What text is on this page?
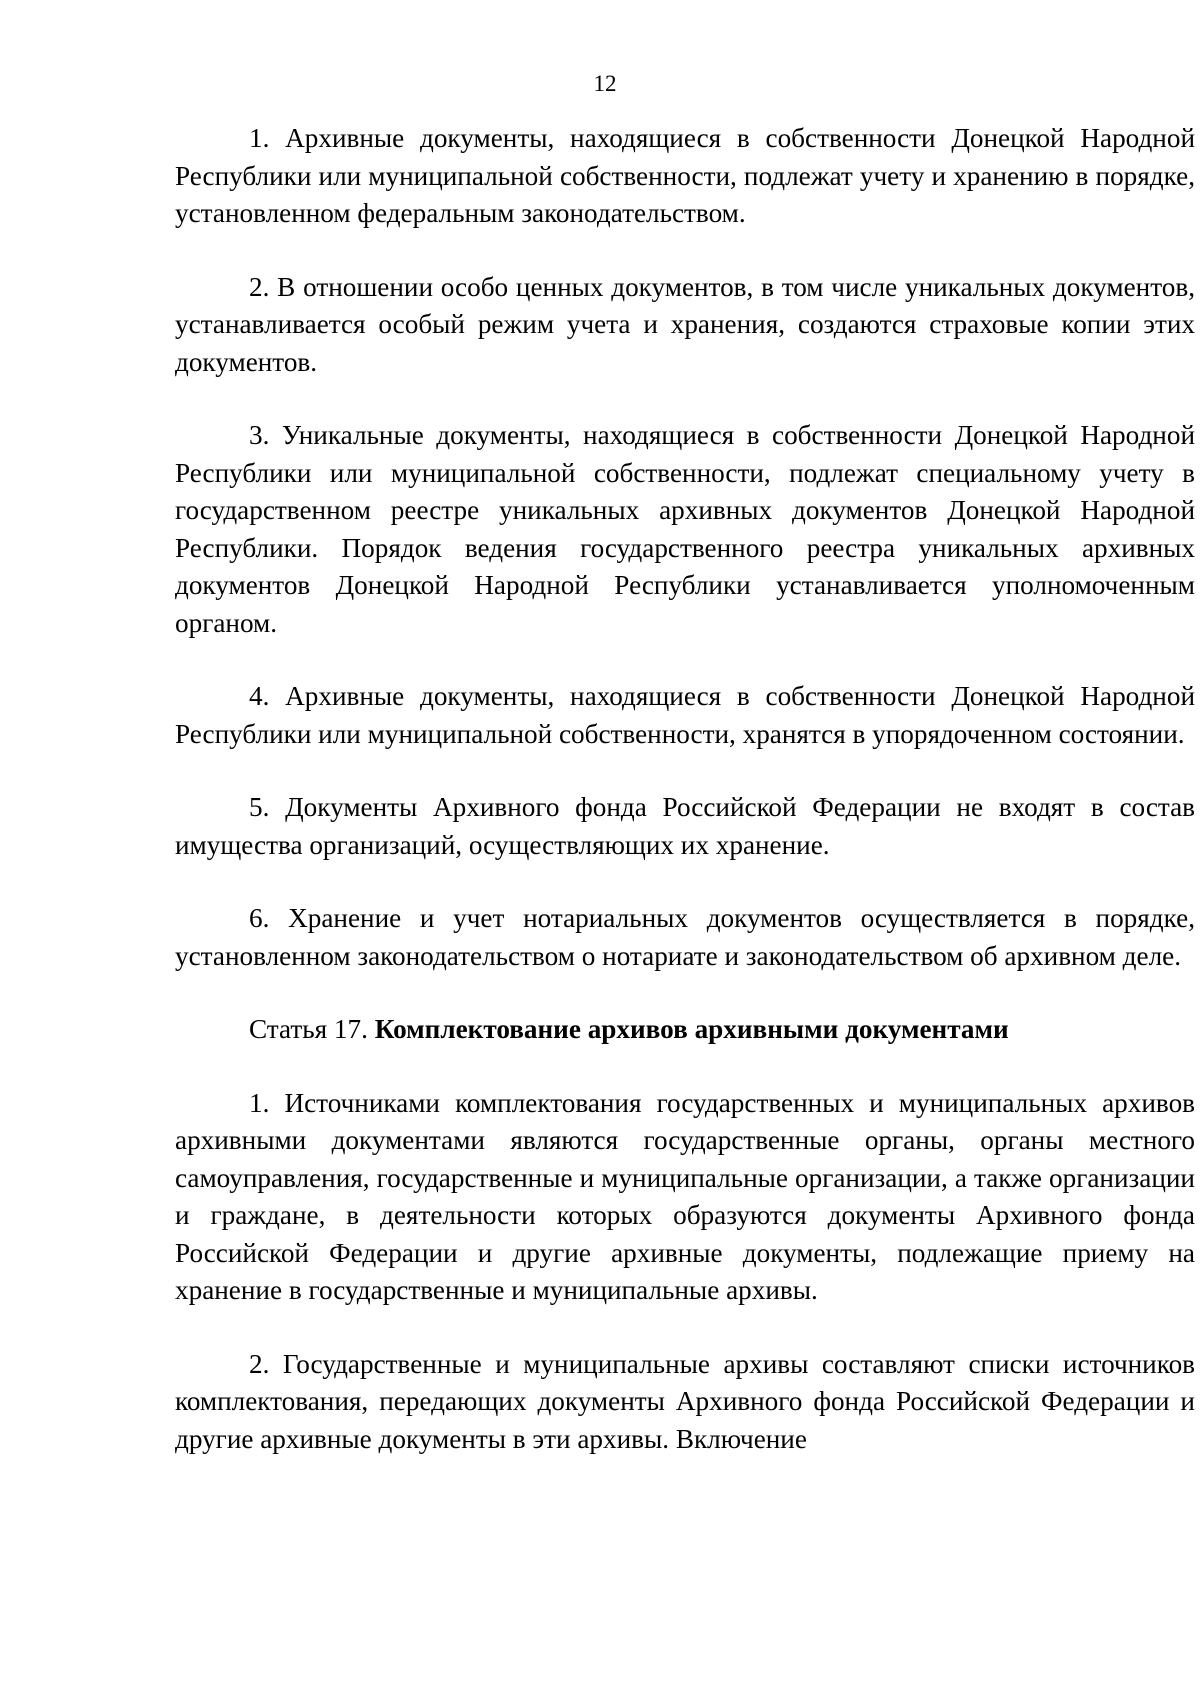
12

1. Архивные документы, находящиеся в собственности Донецкой Народной Республики или муниципальной собственности, подлежат учету и хранению в порядке, установленном федеральным законодательством.

2. В отношении особо ценных документов, в том числе уникальных документов, устанавливается особый режим учета и хранения, создаются страховые копии этих документов.

3. Уникальные документы, находящиеся в собственности Донецкой Народной Республики или муниципальной собственности, подлежат специальному учету в государственном реестре уникальных архивных документов Донецкой Народной Республики. Порядок ведения государственного реестра уникальных архивных документов Донецкой Народной Республики устанавливается уполномоченным органом.

4. Архивные документы, находящиеся в собственности Донецкой Народной Республики или муниципальной собственности, хранятся в упорядоченном состоянии.

5. Документы Архивного фонда Российской Федерации не входят в состав имущества организаций, осуществляющих их хранение.

6. Хранение и учет нотариальных документов осуществляется в порядке, установленном законодательством о нотариате и законодательством об архивном деле.

Статья 17. Комплектование архивов архивными документами

1. Источниками комплектования государственных и муниципальных архивов архивными документами являются государственные органы, органы местного самоуправления, государственные и муниципальные организации, а также организации и граждане, в деятельности которых образуются документы Архивного фонда Российской Федерации и другие архивные документы, подлежащие приему на хранение в государственные и муниципальные архивы.

2. Государственные и муниципальные архивы составляют списки источников комплектования, передающих документы Архивного фонда Российской Федерации и другие архивные документы в эти архивы. Включение
